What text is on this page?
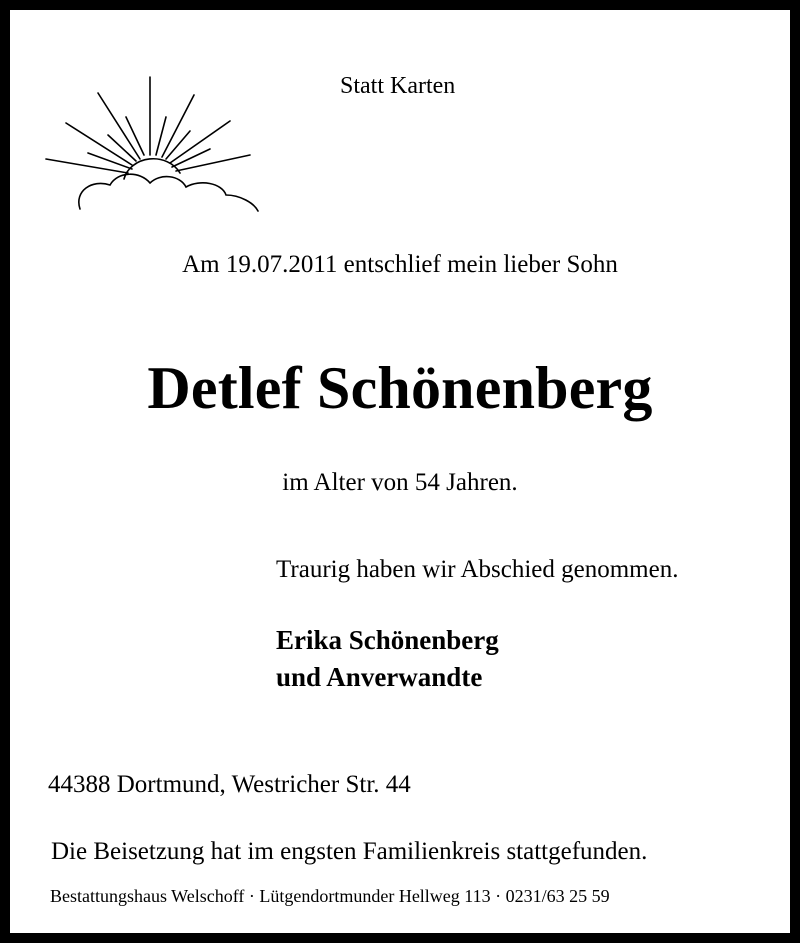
Statt Karten
Am 19.07.2011 entschlief mein lieber Sohn
Detlef Schönenberg
im Alter von 54 Jahren.
Traurig haben wir Abschied genommen.
Erika Schönenberg
und Anverwandte
44388 Dortmund, Westricher Str. 44
Die Beisetzung hat im engsten Familienkreis stattgefunden.
Bestattungshaus Welschoff · Lütgendortmunder Hellweg 113 · 0231/63 25 59
